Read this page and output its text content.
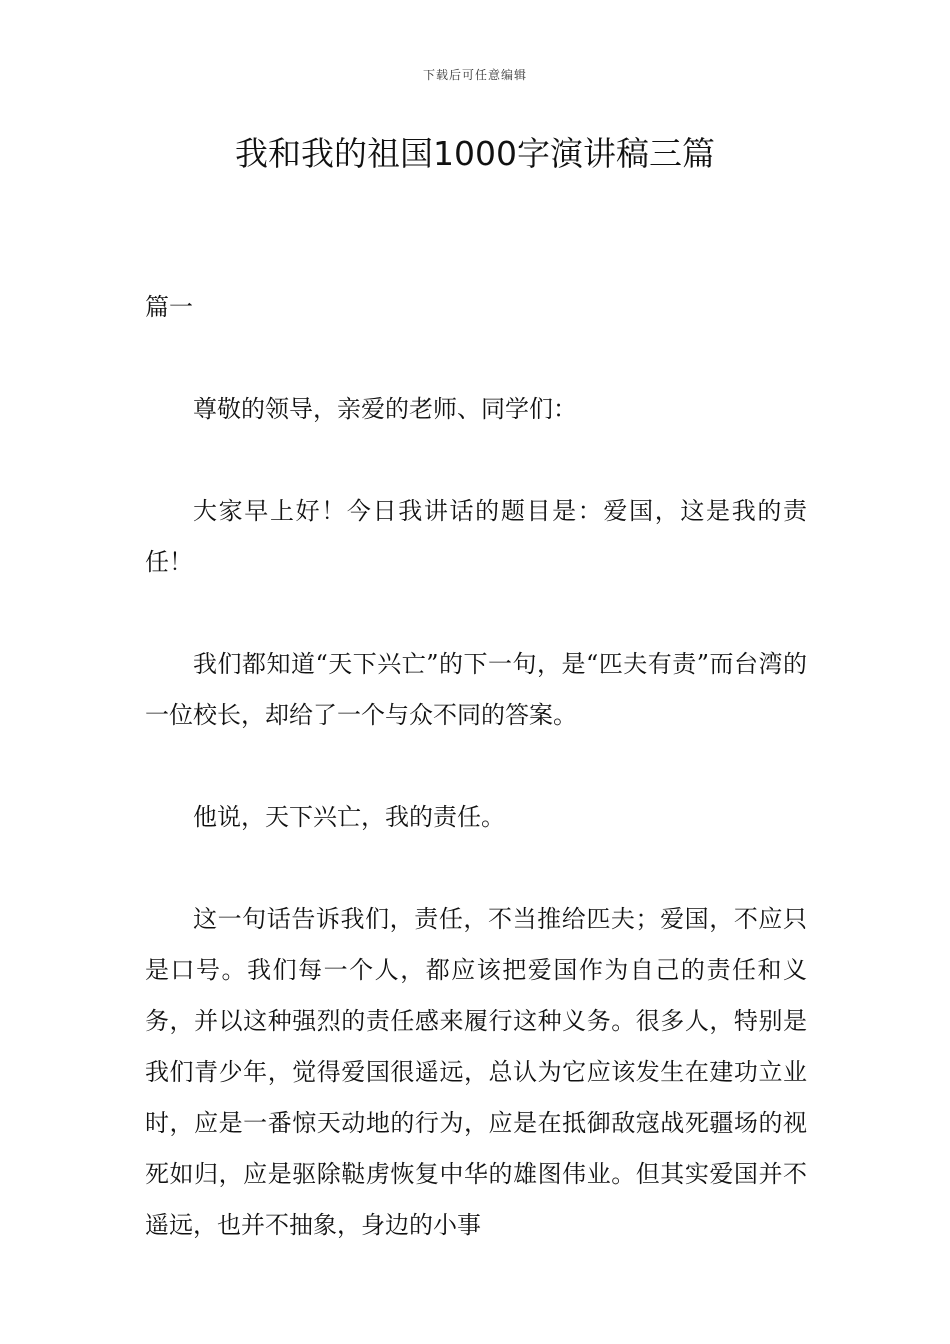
下载后可任意编辑
我和我的祖国1000字演讲稿三篇

篇一

尊敬的领导，亲爱的老师、同学们：

大家早上好！今日我讲话的题目是：爱国，这是我的责任！

我们都知道“天下兴亡”的下一句，是“匹夫有责”而台湾的一位校长，却给了一个与众不同的答案。

他说，天下兴亡，我的责任。

这一句话告诉我们，责任，不当推给匹夫；爱国，不应只是口号。我们每一个人，都应该把爱国作为自己的责任和义务，并以这种强烈的责任感来履行这种义务。很多人，特别是我们青少年，觉得爱国很遥远，总认为它应该发生在建功立业时，应是一番惊天动地的行为，应是在抵御敌寇战死疆场的视死如归，应是驱除鞑虏恢复中华的雄图伟业。但其实爱国并不遥远，也并不抽象，身边的小事
